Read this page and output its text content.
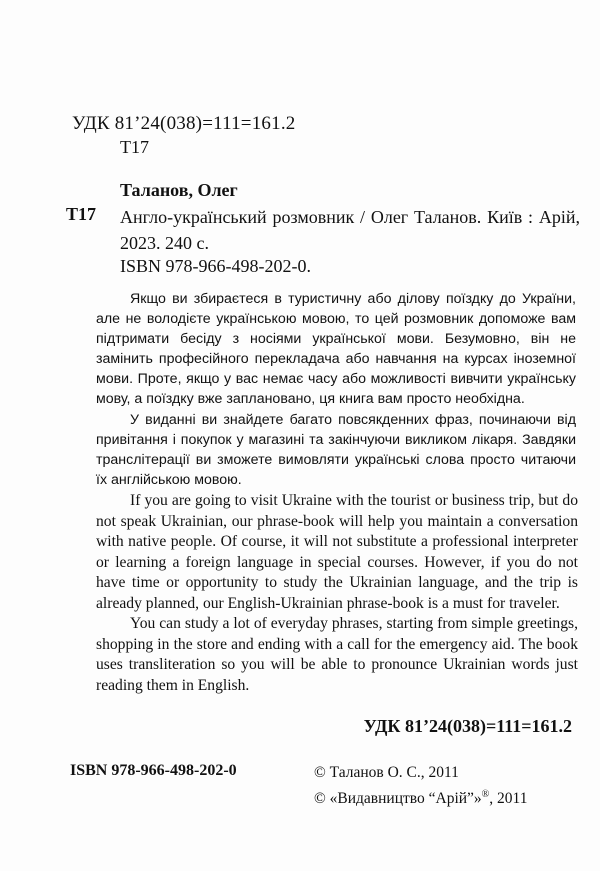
УДК 81’24(038)=111=161.2
Т17
Таланов, Олег
Т17 Англо-український розмовник / Олег Таланов. Київ : Арій, 2023. 240 с.
ISBN 978-966-498-202-0.

Якщо ви збираєтеся в туристичну або ділову поїздку до України, але не володієте українською мовою, то цей розмовник допоможе вам підтримати бесіду з носіями української мови. Безумовно, він не замінить професійного перекладача або навчання на курсах іноземної мови. Проте, якщо у вас немає часу або можливості вивчити українську мову, а поїздку вже заплановано, ця книга вам просто необхідна.

У виданні ви знайдете багато повсякденних фраз, починаючи від привітання і покупок у магазині та закінчуючи викликом лікаря. Завдяки транслітерації ви зможете вимовляти українські слова просто читаючи їх англійською мовою.

If you are going to visit Ukraine with the tourist or business trip, but do not speak Ukrainian, our phrase-book will help you maintain a conversation with native people. Of course, it will not substitute a professional interpreter or learning a foreign language in special courses. However, if you do not have time or opportunity to study the Ukrainian language, and the trip is already planned, our English-Ukrainian phrase-book is a must for traveler.

You can study a lot of everyday phrases, starting from simple greetings, shopping in the store and ending with a call for the emergency aid. The book uses transliteration so you will be able to pronounce Ukrainian words just reading them in English.

УДК 81’24(038)=111=161.2
ISBN 978-966-498-202-0	© Таланов О. С., 2011
© «Видавництво “Арій”»®, 2011
